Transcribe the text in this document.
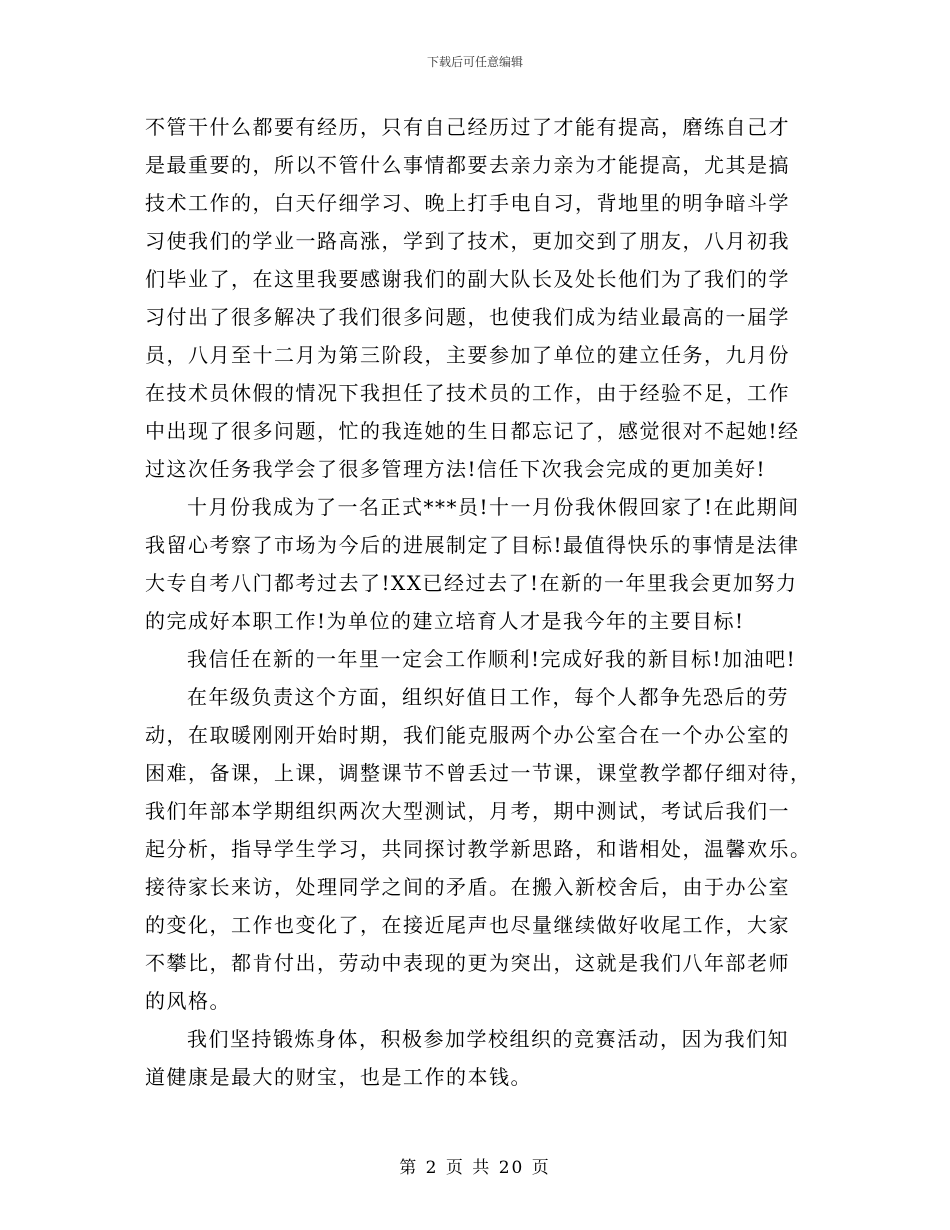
下载后可任意编辑
不管干什么都要有经历，只有自己经历过了才能有提高，磨练自己才
是最重要的，所以不管什么事情都要去亲力亲为才能提高，尤其是搞
技术工作的，白天仔细学习、晚上打手电自习，背地里的明争暗斗学
习使我们的学业一路高涨，学到了技术，更加交到了朋友，八月初我
们毕业了，在这里我要感谢我们的副大队长及处长他们为了我们的学
习付出了很多解决了我们很多问题，也使我们成为结业最高的一届学
员，八月至十二月为第三阶段，主要参加了单位的建立任务，九月份
在技术员休假的情况下我担任了技术员的工作，由于经验不足，工作
中出现了很多问题，忙的我连她的生日都忘记了，感觉很对不起她!经
过这次任务我学会了很多管理方法!信任下次我会完成的更加美好!
十月份我成为了一名正式***员!十一月份我休假回家了!在此期间
我留心考察了市场为今后的进展制定了目标!最值得快乐的事情是法律
大专自考八门都考过去了!XX已经过去了!在新的一年里我会更加努力
的完成好本职工作!为单位的建立培育人才是我今年的主要目标!
我信任在新的一年里一定会工作顺利!完成好我的新目标!加油吧!
在年级负责这个方面，组织好值日工作，每个人都争先恐后的劳
动，在取暖刚刚开始时期，我们能克服两个办公室合在一个办公室的
困难，备课，上课，调整课节不曾丢过一节课，课堂教学都仔细对待，
我们年部本学期组织两次大型测试，月考，期中测试，考试后我们一
起分析，指导学生学习，共同探讨教学新思路，和谐相处，温馨欢乐。
接待家长来访，处理同学之间的矛盾。在搬入新校舍后，由于办公室
的变化，工作也变化了，在接近尾声也尽量继续做好收尾工作，大家
不攀比，都肯付出，劳动中表现的更为突出，这就是我们八年部老师
的风格。
我们坚持锻炼身体，积极参加学校组织的竞赛活动，因为我们知
道健康是最大的财宝，也是工作的本钱。
第 2 页 共 20 页
